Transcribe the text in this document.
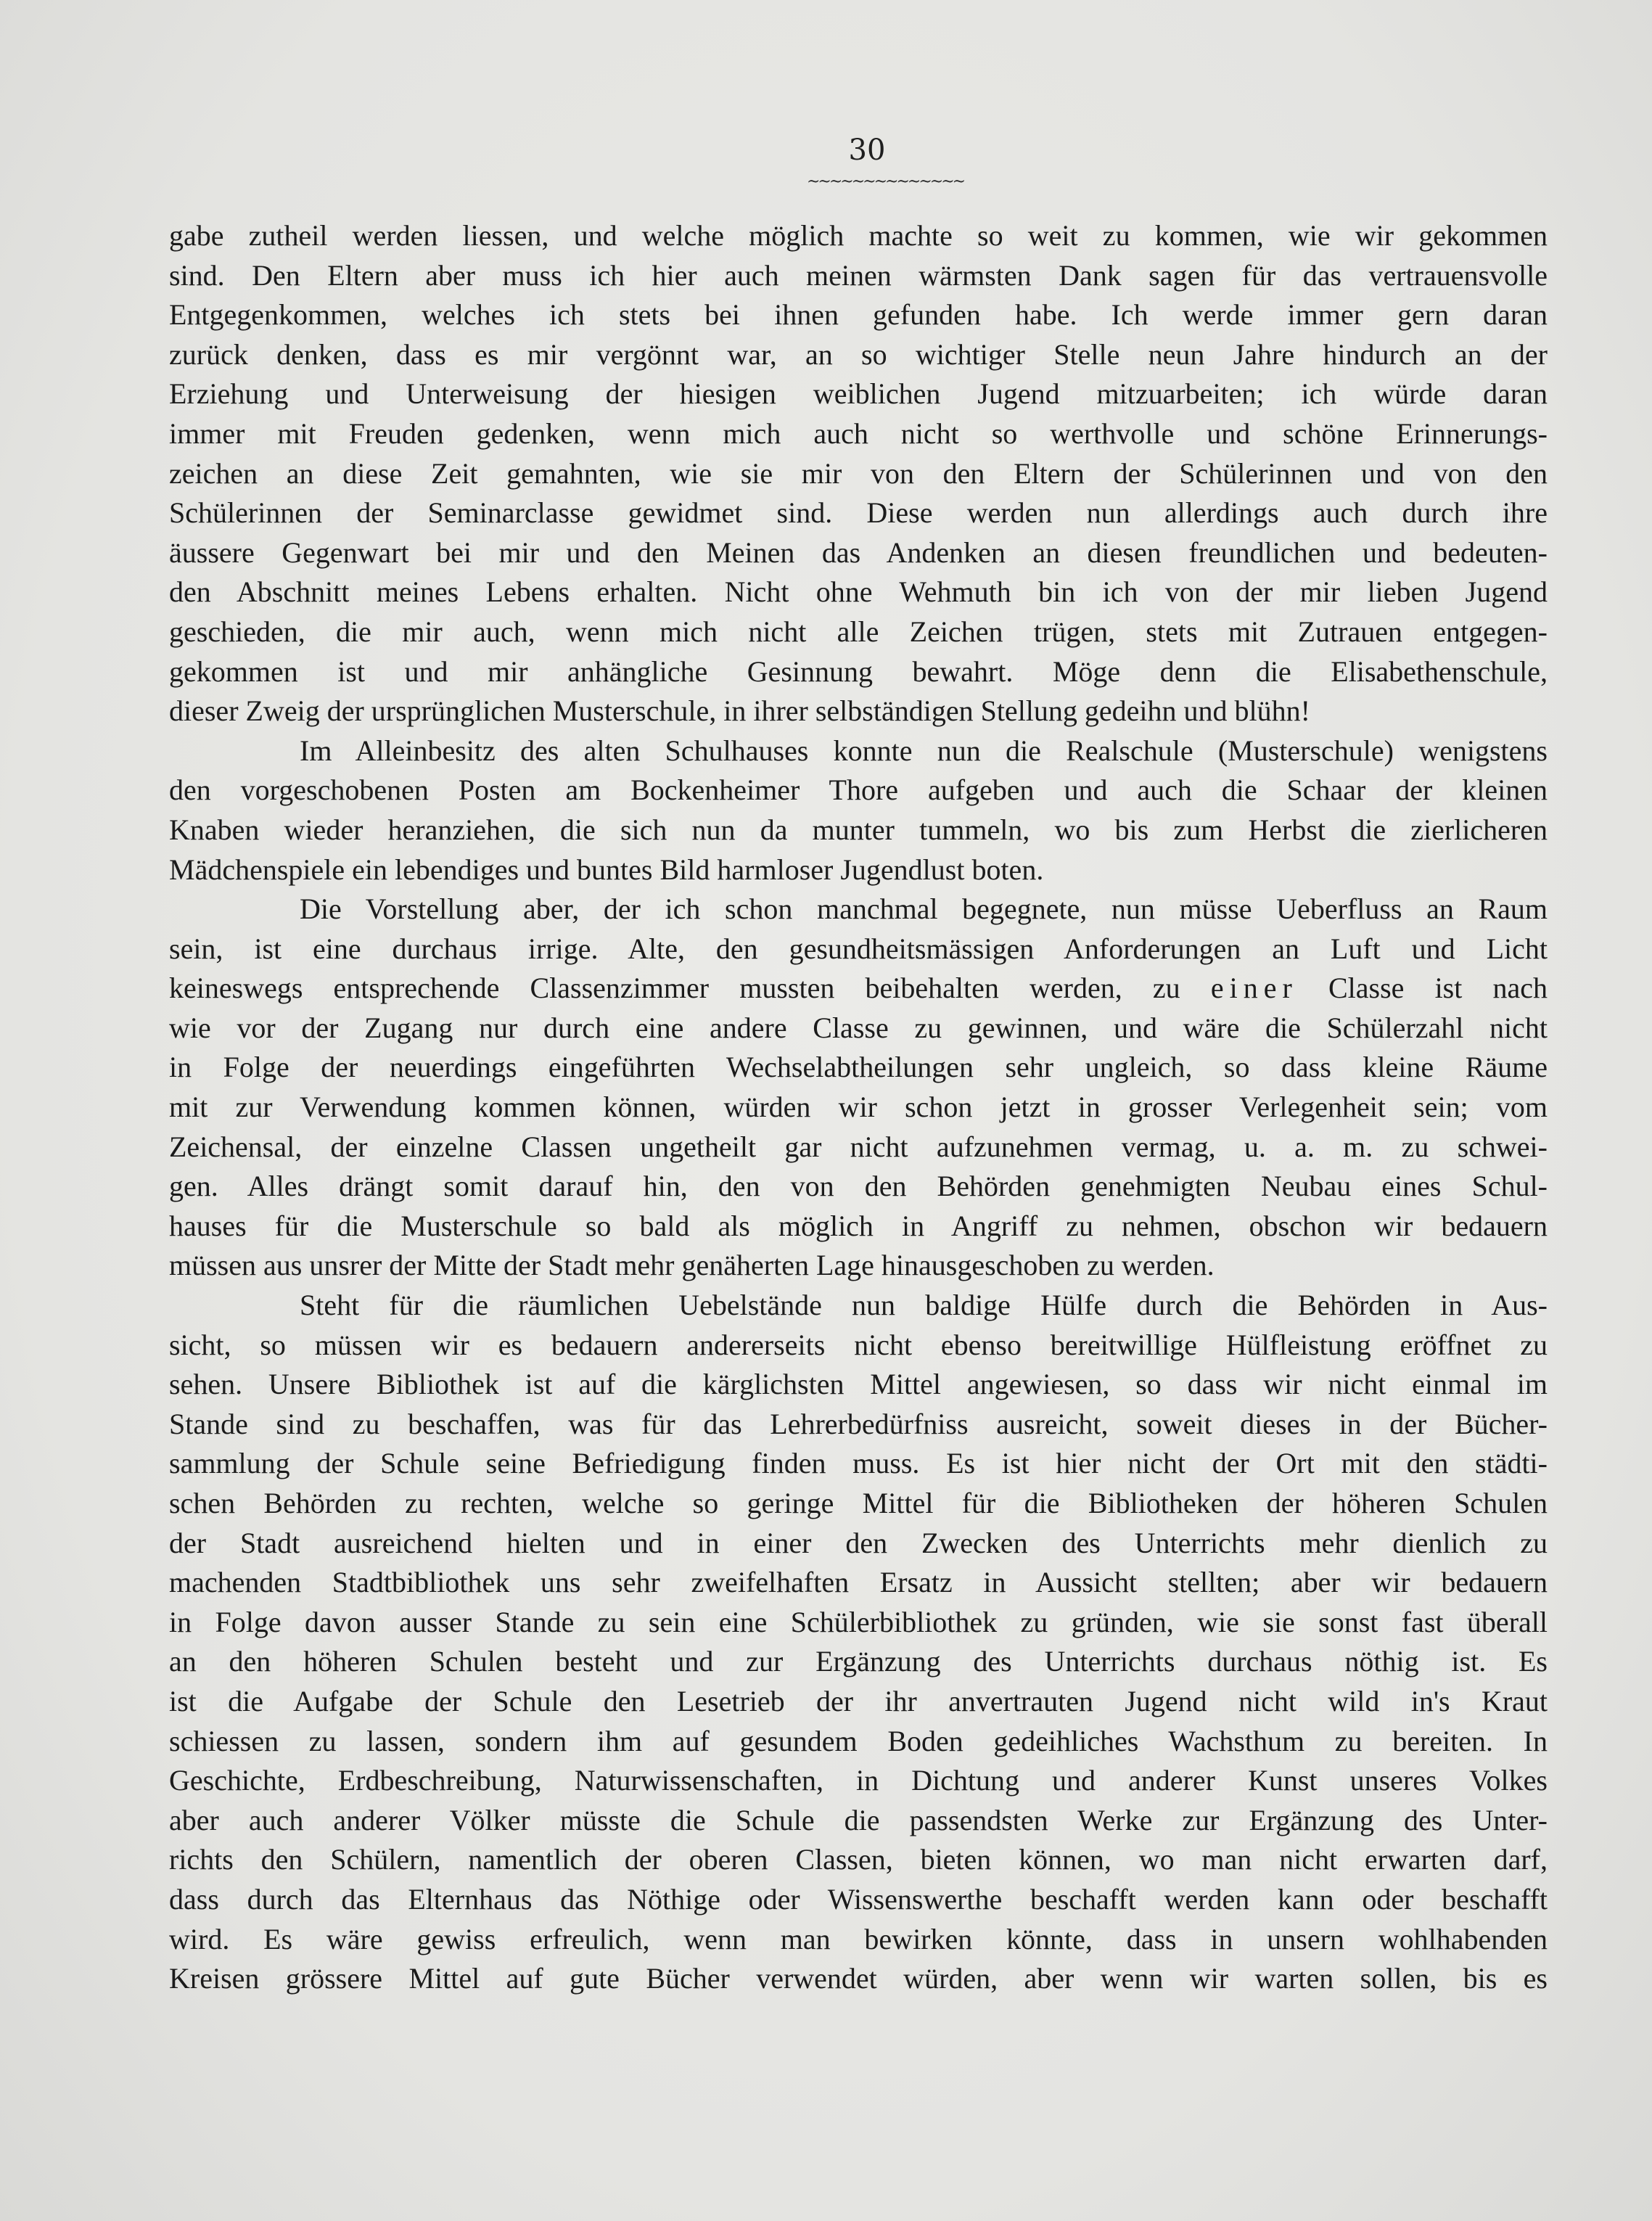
30
~~~~~~~~~~~~~~
gabe zutheil werden liessen, und welche möglich machte so weit zu kommen, wie wir gekommen
sind. Den Eltern aber muss ich hier auch meinen wärmsten Dank sagen für das vertrauensvolle
Entgegenkommen, welches ich stets bei ihnen gefunden habe. Ich werde immer gern daran
zurück denken, dass es mir vergönnt war, an so wichtiger Stelle neun Jahre hindurch an der
Erziehung und Unterweisung der hiesigen weiblichen Jugend mitzuarbeiten; ich würde daran
immer mit Freuden gedenken, wenn mich auch nicht so werthvolle und schöne Erinnerungs-
zeichen an diese Zeit gemahnten, wie sie mir von den Eltern der Schülerinnen und von den
Schülerinnen der Seminarclasse gewidmet sind. Diese werden nun allerdings auch durch ihre
äussere Gegenwart bei mir und den Meinen das Andenken an diesen freundlichen und bedeuten-
den Abschnitt meines Lebens erhalten. Nicht ohne Wehmuth bin ich von der mir lieben Jugend
geschieden, die mir auch, wenn mich nicht alle Zeichen trügen, stets mit Zutrauen entgegen-
gekommen ist und mir anhängliche Gesinnung bewahrt. Möge denn die Elisabethenschule,
dieser Zweig der ursprünglichen Musterschule, in ihrer selbständigen Stellung gedeihn und blühn!
Im Alleinbesitz des alten Schulhauses konnte nun die Realschule (Musterschule) wenigstens
den vorgeschobenen Posten am Bockenheimer Thore aufgeben und auch die Schaar der kleinen
Knaben wieder heranziehen, die sich nun da munter tummeln, wo bis zum Herbst die zierlicheren
Mädchenspiele ein lebendiges und buntes Bild harmloser Jugendlust boten.
Die Vorstellung aber, der ich schon manchmal begegnete, nun müsse Ueberfluss an Raum
sein, ist eine durchaus irrige. Alte, den gesundheitsmässigen Anforderungen an Luft und Licht
keineswegs entsprechende Classenzimmer mussten beibehalten werden, zu einer Classe ist nach
wie vor der Zugang nur durch eine andere Classe zu gewinnen, und wäre die Schülerzahl nicht
in Folge der neuerdings eingeführten Wechselabtheilungen sehr ungleich, so dass kleine Räume
mit zur Verwendung kommen können, würden wir schon jetzt in grosser Verlegenheit sein; vom
Zeichensal, der einzelne Classen ungetheilt gar nicht aufzunehmen vermag, u. a. m. zu schwei-
gen. Alles drängt somit darauf hin, den von den Behörden genehmigten Neubau eines Schul-
hauses für die Musterschule so bald als möglich in Angriff zu nehmen, obschon wir bedauern
müssen aus unsrer der Mitte der Stadt mehr genäherten Lage hinausgeschoben zu werden.
Steht für die räumlichen Uebelstände nun baldige Hülfe durch die Behörden in Aus-
sicht, so müssen wir es bedauern andererseits nicht ebenso bereitwillige Hülfleistung eröffnet zu
sehen. Unsere Bibliothek ist auf die kärglichsten Mittel angewiesen, so dass wir nicht einmal im
Stande sind zu beschaffen, was für das Lehrerbedürfniss ausreicht, soweit dieses in der Bücher-
sammlung der Schule seine Befriedigung finden muss. Es ist hier nicht der Ort mit den städti-
schen Behörden zu rechten, welche so geringe Mittel für die Bibliotheken der höheren Schulen
der Stadt ausreichend hielten und in einer den Zwecken des Unterrichts mehr dienlich zu
machenden Stadtbibliothek uns sehr zweifelhaften Ersatz in Aussicht stellten; aber wir bedauern
in Folge davon ausser Stande zu sein eine Schülerbibliothek zu gründen, wie sie sonst fast überall
an den höheren Schulen besteht und zur Ergänzung des Unterrichts durchaus nöthig ist. Es
ist die Aufgabe der Schule den Lesetrieb der ihr anvertrauten Jugend nicht wild in's Kraut
schiessen zu lassen, sondern ihm auf gesundem Boden gedeihliches Wachsthum zu bereiten. In
Geschichte, Erdbeschreibung, Naturwissenschaften, in Dichtung und anderer Kunst unseres Volkes
aber auch anderer Völker müsste die Schule die passendsten Werke zur Ergänzung des Unter-
richts den Schülern, namentlich der oberen Classen, bieten können, wo man nicht erwarten darf,
dass durch das Elternhaus das Nöthige oder Wissenswerthe beschafft werden kann oder beschafft
wird. Es wäre gewiss erfreulich, wenn man bewirken könnte, dass in unsern wohlhabenden
Kreisen grössere Mittel auf gute Bücher verwendet würden, aber wenn wir warten sollen, bis es
